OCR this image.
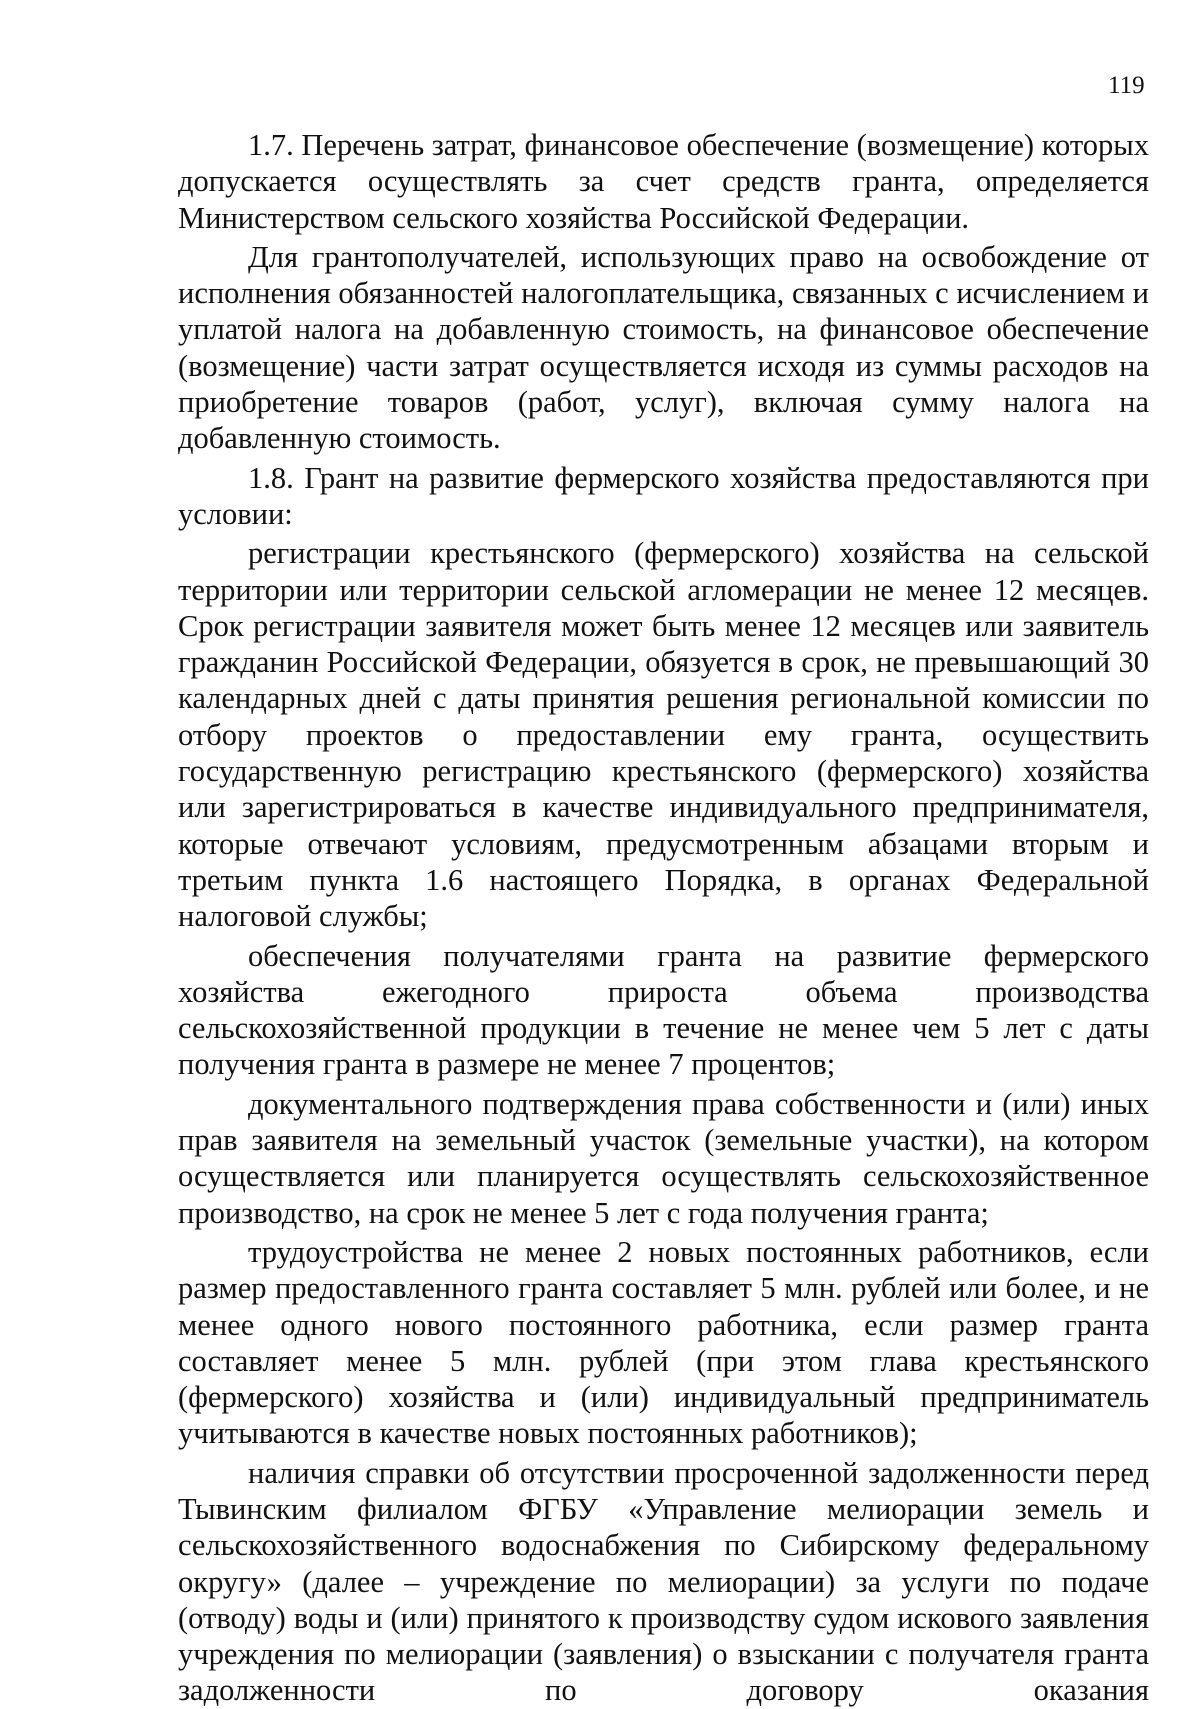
119

1.7. Перечень затрат, финансовое обеспечение (возмещение) которых допускается осуществлять за счет средств гранта, определяется Министерством сельского хозяйства Российской Федерации.

Для грантополучателей, использующих право на освобождение от исполнения обязанностей налогоплательщика, связанных с исчислением и уплатой налога на добавленную стоимость, на финансовое обеспечение (возмещение) части затрат осуществляется исходя из суммы расходов на приобретение товаров (работ, услуг), включая сумму налога на добавленную стоимость.

1.8. Грант на развитие фермерского хозяйства предоставляются при условии:

регистрации крестьянского (фермерского) хозяйства на сельской территории или территории сельской агломерации не менее 12 месяцев. Срок регистрации заявителя может быть менее 12 месяцев или заявитель гражданин Российской Федерации, обязуется в срок, не превышающий 30 календарных дней с даты принятия решения региональной комиссии по отбору проектов о предоставлении ему гранта, осуществить государственную регистрацию крестьянского (фермерского) хозяйства или зарегистрироваться в качестве индивидуального предпринимателя, которые отвечают условиям, предусмотренным абзацами вторым и третьим пункта 1.6 настоящего Порядка, в органах Федеральной налоговой службы;

обеспечения получателями гранта на развитие фермерского хозяйства ежегодного прироста объема производства сельскохозяйственной продукции в течение не менее чем 5 лет с даты получения гранта в размере не менее 7 процентов;

документального подтверждения права собственности и (или) иных прав заявителя на земельный участок (земельные участки), на котором осуществляется или планируется осуществлять сельскохозяйственное производство, на срок не менее 5 лет с года получения гранта;

трудоустройства не менее 2 новых постоянных работников, если размер предоставленного гранта составляет 5 млн. рублей или более, и не менее одного нового постоянного работника, если размер гранта составляет менее 5 млн. рублей (при этом глава крестьянского (фермерского) хозяйства и (или) индивидуальный предприниматель учитываются в качестве новых постоянных работников);

наличия справки об отсутствии просроченной задолженности перед Тывинским филиалом ФГБУ «Управление мелиорации земель и сельскохозяйственного водоснабжения по Сибирскому федеральному округу» (далее – учреждение по мелиорации) за услуги по подаче (отводу) воды и (или) принятого к производству судом искового заявления учреждения по мелиорации (заявления) о взыскании с получателя гранта задолженности по договору оказания
